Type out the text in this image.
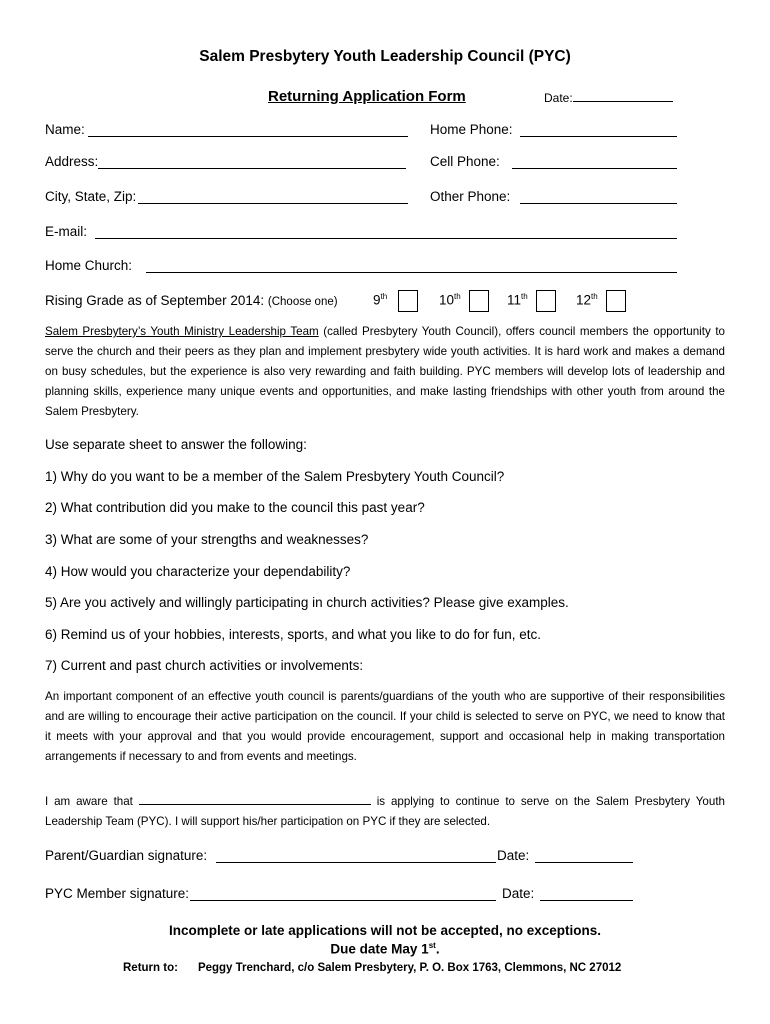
Salem Presbytery Youth Leadership Council (PYC)
Returning Application Form	Date:
Name:	Home Phone:
Address:	Cell Phone:
City, State, Zip:	Other Phone:
E-mail:
Home Church:
Rising Grade as of September 2014: (Choose one)	9th	10th	11th	12th
Salem Presbytery’s Youth Ministry Leadership Team (called Presbytery Youth Council), offers council members the opportunity to serve the church and their peers as they plan and implement presbytery wide youth activities. It is hard work and makes a demand on busy schedules, but the experience is also very rewarding and faith building. PYC members will develop lots of leadership and planning skills, experience many unique events and opportunities, and make lasting friendships with other youth from around the Salem Presbytery.
Use separate sheet to answer the following:
1) Why do you want to be a member of the Salem Presbytery Youth Council?
2) What contribution did you make to the council this past year?
3) What are some of your strengths and weaknesses?
4) How would you characterize your dependability?
5) Are you actively and willingly participating in church activities? Please give examples.
6) Remind us of your hobbies, interests, sports, and what you like to do for fun, etc.
7) Current and past church activities or involvements:
An important component of an effective youth council is parents/guardians of the youth who are supportive of their responsibilities and are willing to encourage their active participation on the council. If your child is selected to serve on PYC, we need to know that it meets with your approval and that you would provide encouragement, support and occasional help in making transportation arrangements if necessary to and from events and meetings.
I am aware that	is applying to continue to serve on the Salem Presbytery Youth Leadership Team (PYC). I will support his/her participation on PYC if they are selected.
Parent/Guardian signature:	Date:
PYC Member signature:	Date:
Incomplete or late applications will not be accepted, no exceptions.
Due date May 1st.
Return to: Peggy Trenchard, c/o Salem Presbytery, P. O. Box 1763, Clemmons, NC 27012
